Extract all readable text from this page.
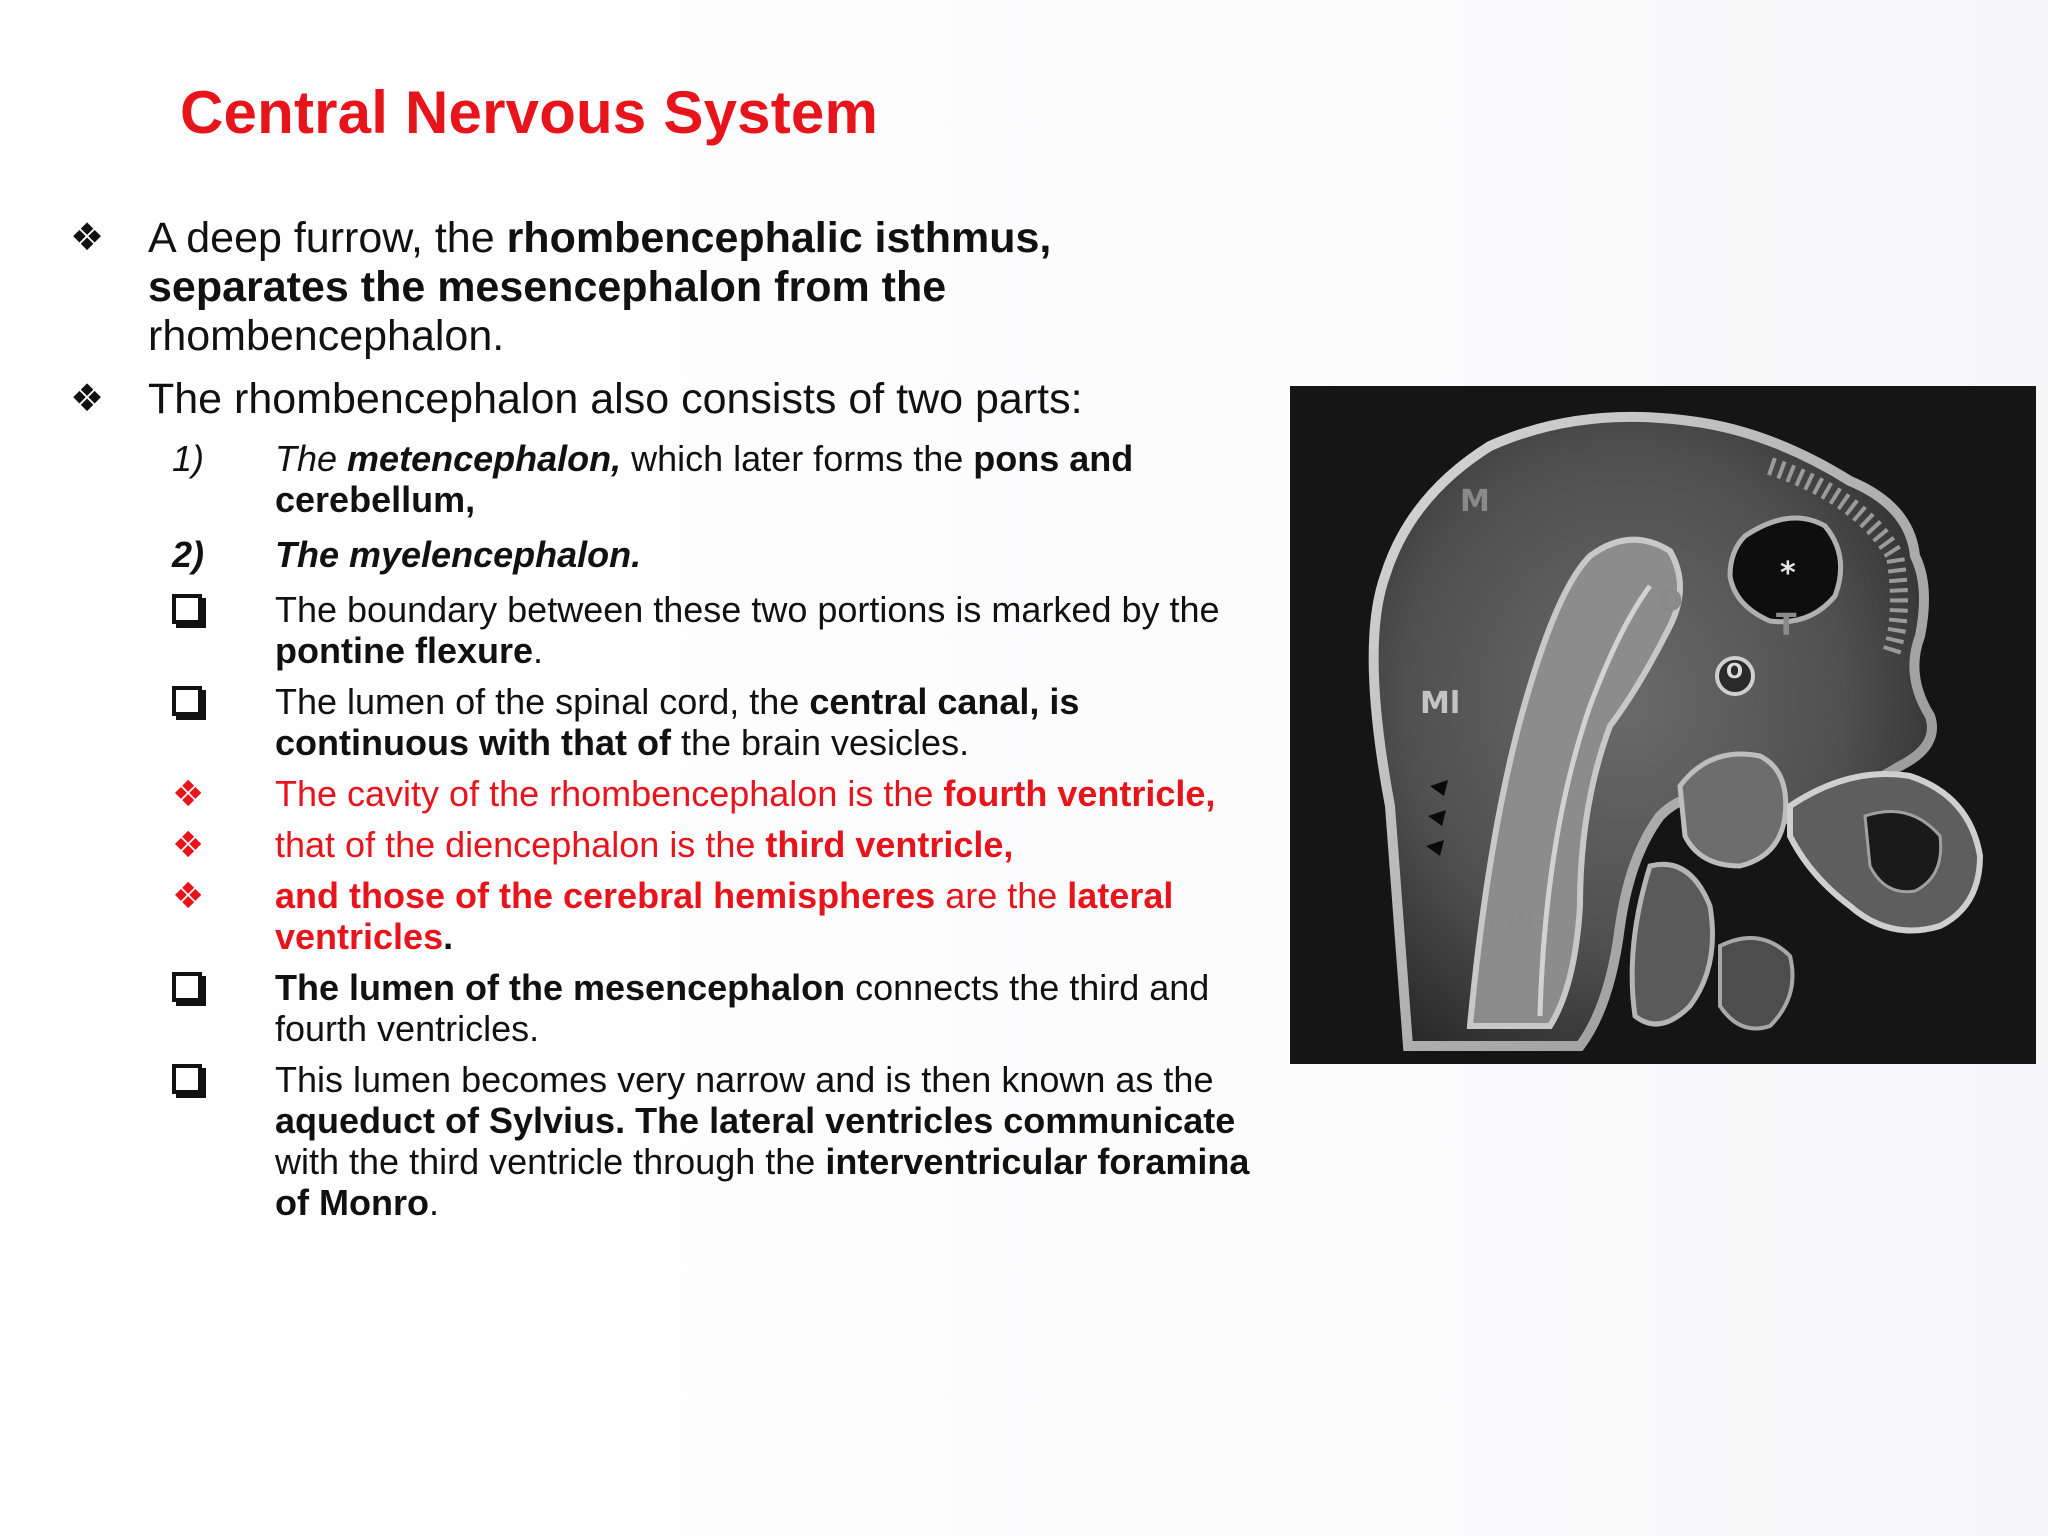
Central Nervous System

❖ A deep furrow, the rhombencephalic isthmus, separates the mesencephalon from the rhombencephalon.

❖ The rhombencephalon also consists of two parts:

1) The metencephalon, which later forms the pons and cerebellum,

2) The myelencephalon.

The boundary between these two portions is marked by the pontine flexure.

The lumen of the spinal cord, the central canal, is continuous with that of the brain vesicles.

❖ The cavity of the rhombencephalon is the fourth ventricle,

❖ that of the diencephalon is the third ventricle,

❖ and those of the cerebral hemispheres are the lateral ventricles.

The lumen of the mesencephalon connects the third and fourth ventricles.

This lumen becomes very narrow and is then known as the aqueduct of Sylvius. The lateral ventricles communicate with the third ventricle through the interventricular foramina of Monro.

M
D
T
*
O
Ml
My
